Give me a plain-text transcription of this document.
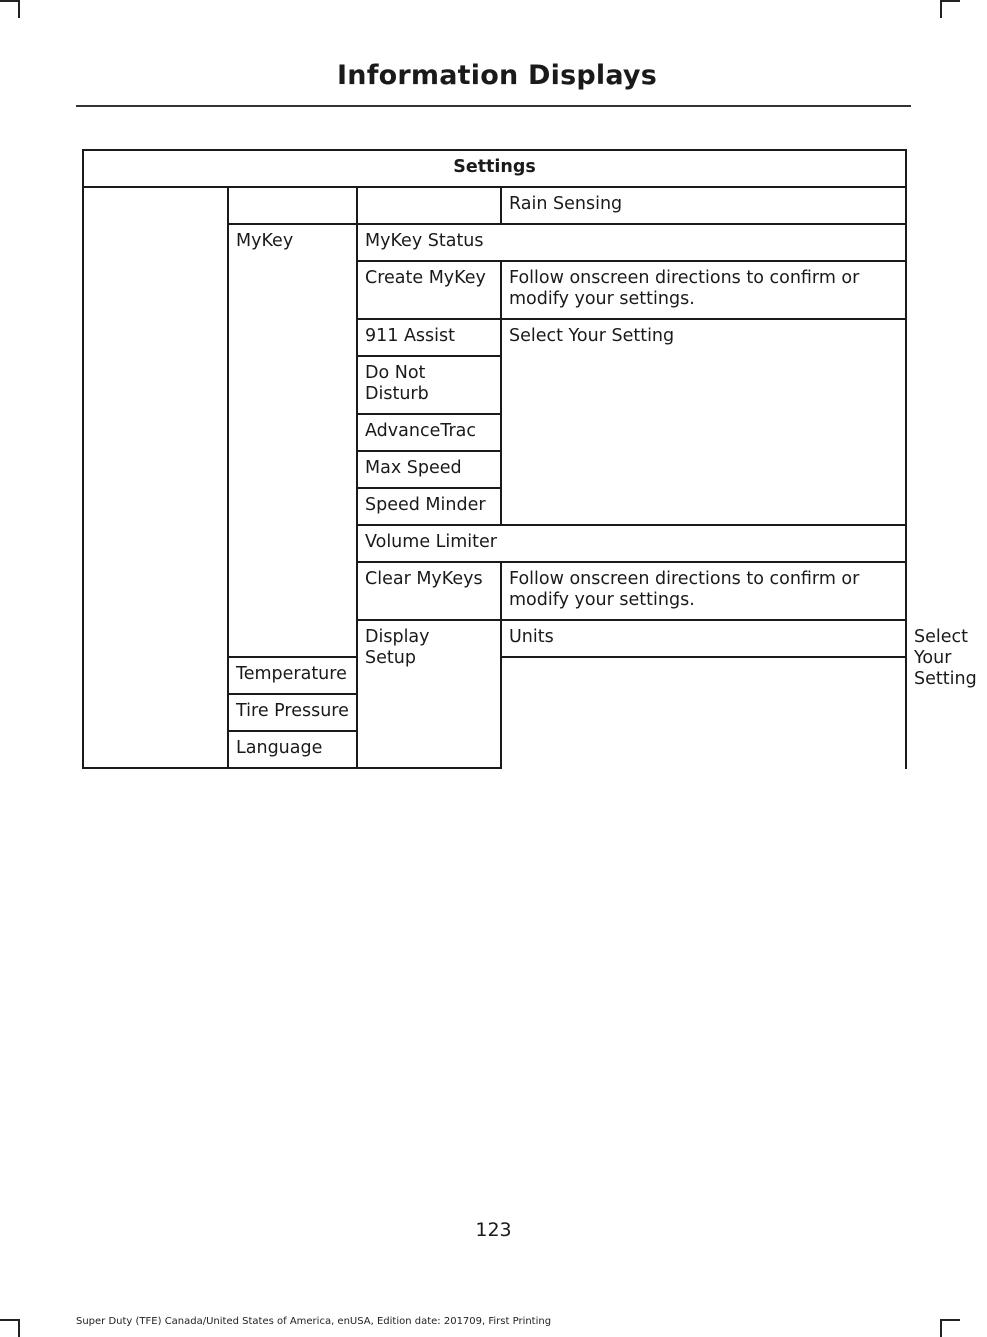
Information Displays
Settings				
			Rain Sensing	
	MyKey	MyKey Status		
		Create MyKey	Follow onscreen directions to confirm or modify your settings.	
		911 Assist	Select Your Setting	
		Do Not Disturb		
		AdvanceTrac		
		Max Speed		
		Speed Minder		
		Volume Limiter		
		Clear MyKeys	Follow onscreen directions to confirm or modify your settings.	
		Display Setup	Units	Select Your Setting
	Temperature			
	Tire Pressure			
	Language			
123
Super Duty (TFE) Canada/United States of America, enUSA, Edition date: 201709, First Printing
